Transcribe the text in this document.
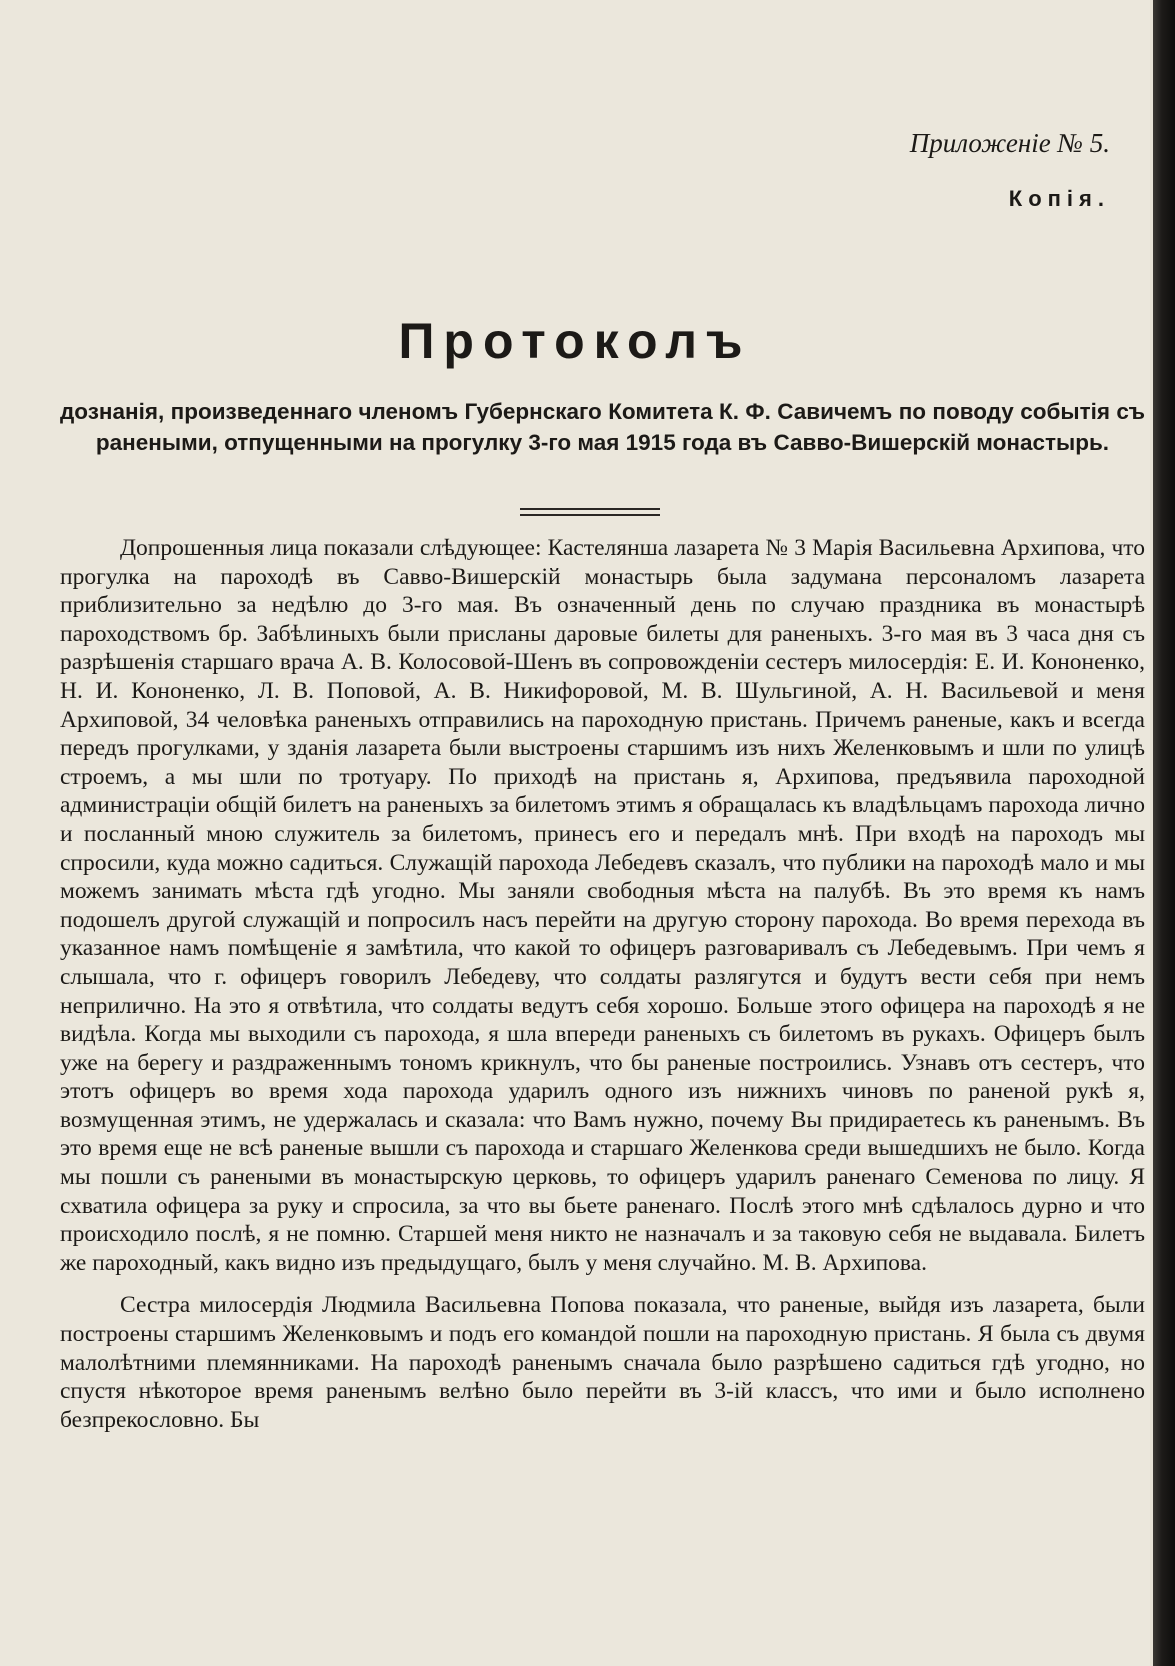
Приложенiе № 5.
Копія.
Протоколъ
дознанія, произведеннаго членомъ Губернскаго Комитета К. Ф. Савичемъ по поводу событія съ ранеными, отпущенными на прогулку 3-го мая 1915 года въ Савво-Вишерскій монастырь.

Допрошенныя лица показали слѣдующее: Кастелянша лазарета № 3 Марія Васильевна Архипова, что прогулка на пароходѣ въ Савво-Вишерскій монастырь была задумана персоналомъ лазарета приблизительно за недѣлю до 3-го мая. Въ означенный день по случаю праздника въ монастырѣ пароходствомъ бр. Забѣлиныхъ были присланы даровые билеты для раненыхъ. 3-го мая въ 3 часа дня съ разрѣшенія старшаго врача А. В. Колосовой-Шенъ въ сопровожденіи сестеръ милосердія: Е. И. Кононенко, Н. И. Кононенко, Л. В. Поповой, А. В. Никифоровой, М. В. Шульгиной, А. Н. Васильевой и меня Архиповой, 34 человѣка раненыхъ отправились на пароходную пристань. Причемъ раненые, какъ и всегда передъ прогулками, у зданія лазарета были выстроены старшимъ изъ нихъ Желенковымъ и шли по улицѣ строемъ, а мы шли по тротуару. По приходѣ на пристань я, Архипова, предъявила пароходной администраціи общій билетъ на раненыхъ за билетомъ этимъ я обращалась къ владѣльцамъ парохода лично и посланный мною служитель за билетомъ, принесъ его и передалъ мнѣ. При входѣ на пароходъ мы спросили, куда можно садиться. Служащій парохода Лебедевъ сказалъ, что публики на пароходѣ мало и мы можемъ занимать мѣста гдѣ угодно. Мы заняли свободныя мѣста на палубѣ. Въ это время къ намъ подошелъ другой служащій и попросилъ насъ перейти на другую сторону парохода. Во время перехода въ указанное намъ помѣщеніе я замѣтила, что какой то офицеръ разговаривалъ съ Лебедевымъ. При чемъ я слышала, что г. офицеръ говорилъ Лебедеву, что солдаты разлягутся и будутъ вести себя при немъ неприлично. На это я отвѣтила, что солдаты ведутъ себя хорошо. Больше этого офицера на пароходѣ я не видѣла. Когда мы выходили съ парохода, я шла впереди раненыхъ съ билетомъ въ рукахъ. Офицеръ былъ уже на берегу и раздраженнымъ тономъ крикнулъ, что бы раненые построились. Узнавъ отъ сестеръ, что этотъ офицеръ во время хода парохода ударилъ одного изъ нижнихъ чиновъ по раненой рукѣ я, возмущенная этимъ, не удержалась и сказала: что Вамъ нужно, почему Вы придираетесь къ раненымъ. Въ это время еще не всѣ раненые вышли съ парохода и старшаго Желенкова среди вышедшихъ не было. Когда мы пошли съ ранеными въ монастырскую церковь, то офицеръ ударилъ раненаго Семенова по лицу. Я схватила офицера за руку и спросила, за что вы бьете раненаго. Послѣ этого мнѣ сдѣлалось дурно и что происходило послѣ, я не помню. Старшей меня никто не назначалъ и за таковую себя не выдавала. Билетъ же пароходный, какъ видно изъ предыдущаго, былъ у меня случайно. М. В. Архипова.

Сестра милосердія Людмила Васильевна Попова показала, что раненые, выйдя изъ лазарета, были построены старшимъ Желенковымъ и подъ его командой пошли на пароходную пристань. Я была съ двумя малолѣтними племянниками. На пароходѣ раненымъ сначала было разрѣшено садиться гдѣ угодно, но спустя нѣкоторое время раненымъ велѣно было перейти въ 3-ій классъ, что ими и было исполнено безпрекословно. Бы
